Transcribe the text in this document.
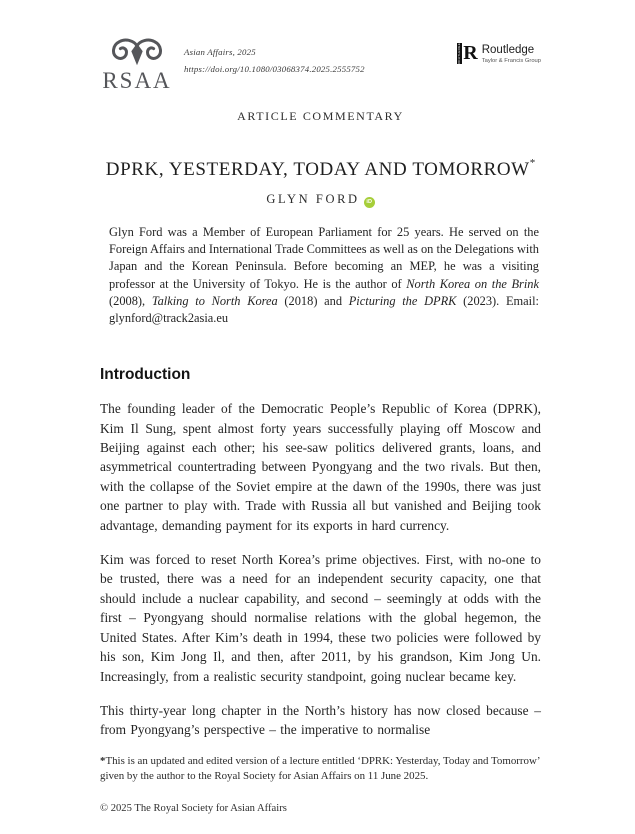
RSAA
Asian Affairs, 2025
https://doi.org/10.1080/03068374.2025.2555752
ROUTLEDGE R Routledge
Taylor & Francis Group
ARTICLE COMMENTARY
DPRK, YESTERDAY, TODAY AND TOMORROW*
GLYN FORD iD
Glyn Ford was a Member of European Parliament for 25 years. He served on the Foreign Affairs and International Trade Committees as well as on the Delegations with Japan and the Korean Peninsula. Before becoming an MEP, he was a visiting professor at the University of Tokyo. He is the author of North Korea on the Brink (2008), Talking to North Korea (2018) and Picturing the DPRK (2023). Email: glynford@track2asia.eu
Introduction

The founding leader of the Democratic People’s Republic of Korea (DPRK), Kim Il Sung, spent almost forty years successfully playing off Moscow and Beijing against each other; his see-saw politics delivered grants, loans, and asymmetrical countertrading between Pyongyang and the two rivals. But then, with the collapse of the Soviet empire at the dawn of the 1990s, there was just one partner to play with. Trade with Russia all but vanished and Beijing took advantage, demanding payment for its exports in hard currency.

Kim was forced to reset North Korea’s prime objectives. First, with no-one to be trusted, there was a need for an independent security capacity, one that should include a nuclear capability, and second – seemingly at odds with the first – Pyongyang should normalise relations with the global hegemon, the United States. After Kim’s death in 1994, these two policies were followed by his son, Kim Jong Il, and then, after 2011, by his grandson, Kim Jong Un. Increasingly, from a realistic security standpoint, going nuclear became key.

This thirty-year long chapter in the North’s history has now closed because – from Pyongyang’s perspective – the imperative to normalise

*This is an updated and edited version of a lecture entitled ‘DPRK: Yesterday, Today and Tomorrow’ given by the author to the Royal Society for Asian Affairs on 11 June 2025.
© 2025 The Royal Society for Asian Affairs
